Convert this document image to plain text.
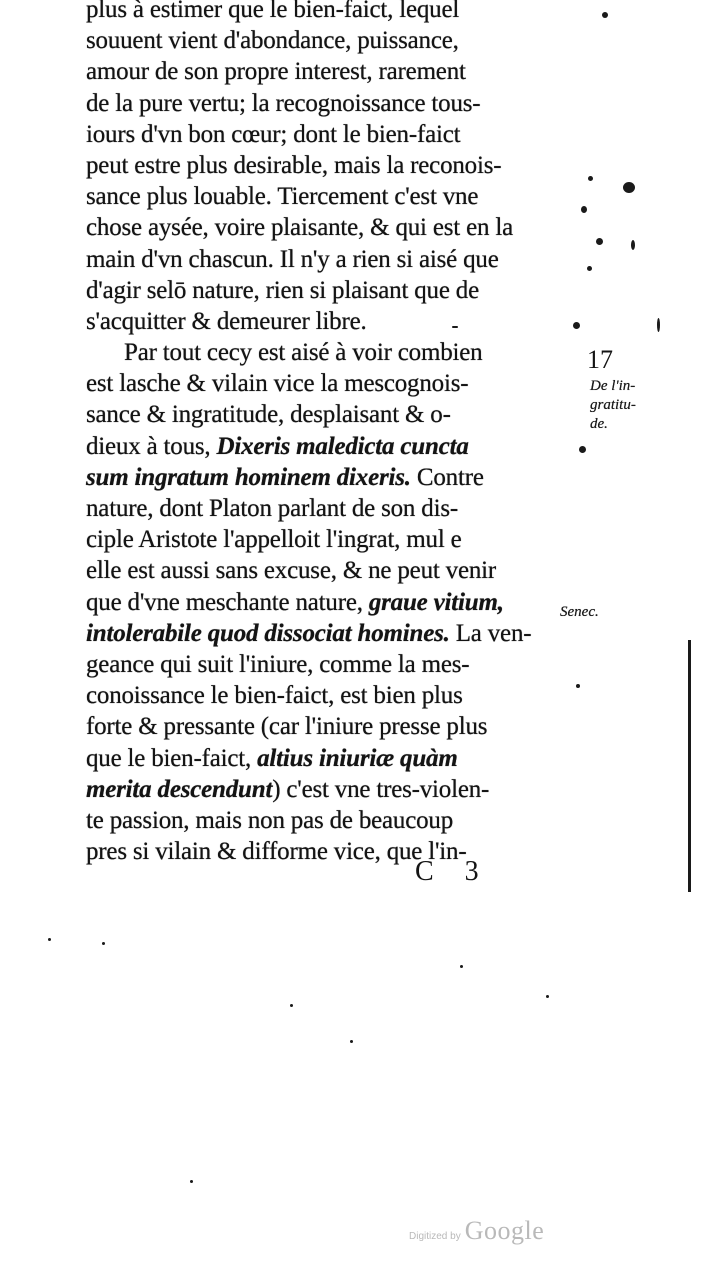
plus à estimer que le bien-faict, lequel
souuent vient d'abondance, puissance,
amour de son propre interest, rarement
de la pure vertu; la recognoissance tous-
iours d'vn bon cœur; dont le bien-faict
peut estre plus desirable, mais la reconois-
sance plus louable. Tiercement c'est vne
chose aysée, voire plaisante, & qui est en la
main d'vn chascun. Il n'y a rien si aisé que
d'agir selō nature, rien si plaisant que de
s'acquitter & demeurer libre.
Par tout cecy est aisé à voir combien
est lasche & vilain vice la mescognois-
sance & ingratitude, desplaisant & o-
dieux à tous, Dixeris maledicta cuncta
sum ingratum hominem dixeris. Contre
nature, dont Platon parlant de son dis-
ciple Aristote l'appelloit l'ingrat, mul e
elle est aussi sans excuse, & ne peut venir
que d'vne meschante nature, graue vitium,
intolerabile quod dissociat homines. La ven-
geance qui suit l'iniure, comme la mes-
conoissance le bien-faict, est bien plus
forte & pressante (car l'iniure presse plus
que le bien-faict, altius iniuriæ quàm
merita descendunt) c'est vne tres-violen-
te passion, mais non pas de beaucoup
pres si vilain & difforme vice, que l'in-
17
De l'in-
gratitu-
de.
Senec.
C 3
Digitized by Google
